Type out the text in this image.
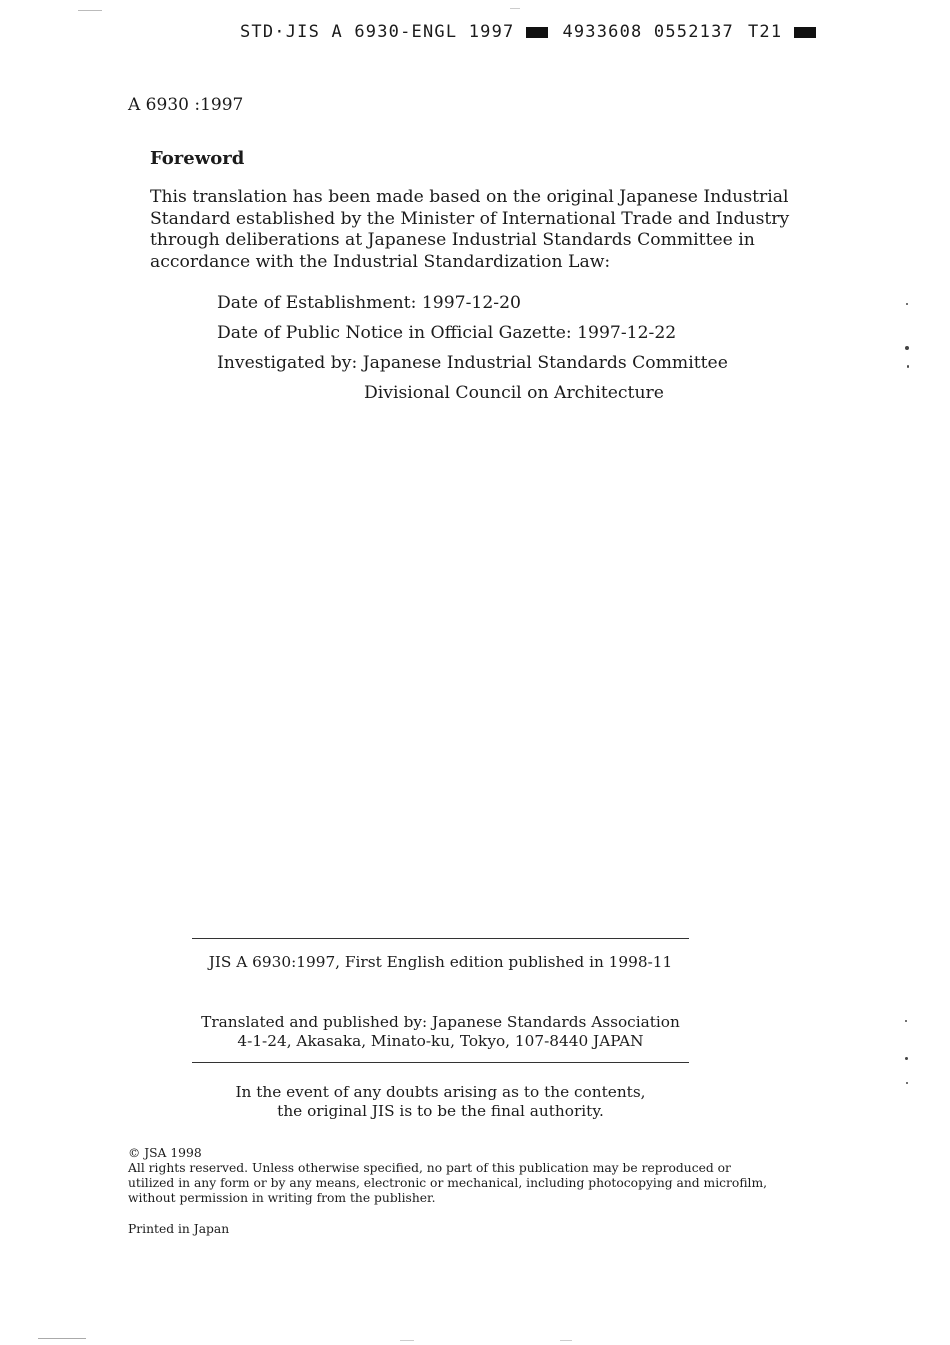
STD·JIS A 6930-ENGL 1997	4933608 0552137 T21
A 6930 :1997
Foreword
This translation has been made based on the original Japanese Industrial
Standard established by the Minister of International Trade and Industry
through deliberations at Japanese Industrial Standards Committee in
accordance with the Industrial Standardization Law:
Date of Establishment: 1997-12-20
Date of Public Notice in Official Gazette: 1997-12-22
Investigated by: Japanese Industrial Standards Committee
Divisional Council on Architecture
JIS A 6930:1997, First English edition published in 1998-11
Translated and published by: Japanese Standards Association
4-1-24, Akasaka, Minato-ku, Tokyo, 107-8440 JAPAN
In the event of any doubts arising as to the contents,
the original JIS is to be the final authority.
© JSA 1998
All rights reserved. Unless otherwise specified, no part of this publication may be reproduced or
utilized in any form or by any means, electronic or mechanical, including photocopying and microfilm,
without permission in writing from the publisher.
Printed in Japan
